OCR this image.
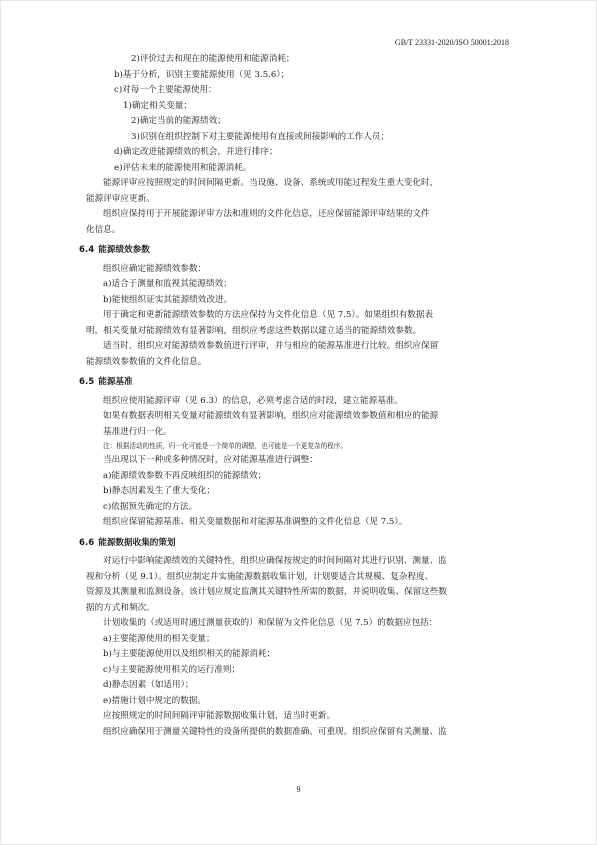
GB/T 23331-2020/ISO 50001:2018
2)评价过去和现在的能源使用和能源消耗；
b)基于分析，识别主要能源使用（见 3.5.6）；
c)对每一个主要能源使用：
1)确定相关变量；
2)确定当前的能源绩效；
3)识别在组织控制下对主要能源使用有直接或间接影响的工作人员；
d)确定改进能源绩效的机会，并进行排序；
e)评估未来的能源使用和能源消耗。
能源评审应按照规定的时间间隔更新。当设施、设备、系统或用能过程发生重大变化时，
能源评审应更新。
组织应保持用于开展能源评审方法和准则的文件化信息，还应保留能源评审结果的文件
化信息。
6.4 能源绩效参数
组织应确定能源绩效参数：
a)适合于测量和监视其能源绩效；
b)能使组织证实其能源绩效改进。
用于确定和更新能源绩效参数的方法应保持为文件化信息（见 7.5）。如果组织有数据表
明，相关变量对能源绩效有显著影响，组织应考虑这些数据以建立适当的能源绩效参数。
适当时，组织应对能源绩效参数值进行评审，并与相应的能源基准进行比较。组织应保留
能源绩效参数值的文件化信息。
6.5 能源基准
组织应使用能源评审（见 6.3）的信息，必须考虑合适的时段，建立能源基准。
如果有数据表明相关变量对能源绩效有显著影响，组织应对能源绩效参数值和相应的能源
基准进行归一化。
注：根据活动的性质，归一化可能是一个简单的调整，也可能是一个更复杂的程序。
当出现以下一种或多种情况时，应对能源基准进行调整：
a)能源绩效参数不再反映组织的能源绩效；
b)静态因素发生了重大变化；
c)依据预先确定的方法。
组织应保留能源基准、相关变量数据和对能源基准调整的文件化信息（见 7.5）。
6.6 能源数据收集的策划
对运行中影响能源绩效的关键特性，组织应确保按规定的时间间隔对其进行识别、测量、监
视和分析（见 9.1）。组织应制定并实施能源数据收集计划，计划要适合其规模、复杂程度、
资源及其测量和监测设备。该计划应规定监测其关键特性所需的数据，并说明收集、保留这些数
据的方式和频次。
计划收集的（或适用时通过测量获取的）和保留为文件化信息（见 7.5）的数据应包括：
a)主要能源使用的相关变量；
b)与主要能源使用以及组织相关的能源消耗；
c)与主要能源使用相关的运行准则；
d)静态因素（如适用）；
e)措施计划中规定的数据。
应按照规定的时间间隔评审能源数据收集计划，适当时更新。
组织应确保用于测量关键特性的设备所提供的数据准确、可重现。组织应保留有关测量、监
9
